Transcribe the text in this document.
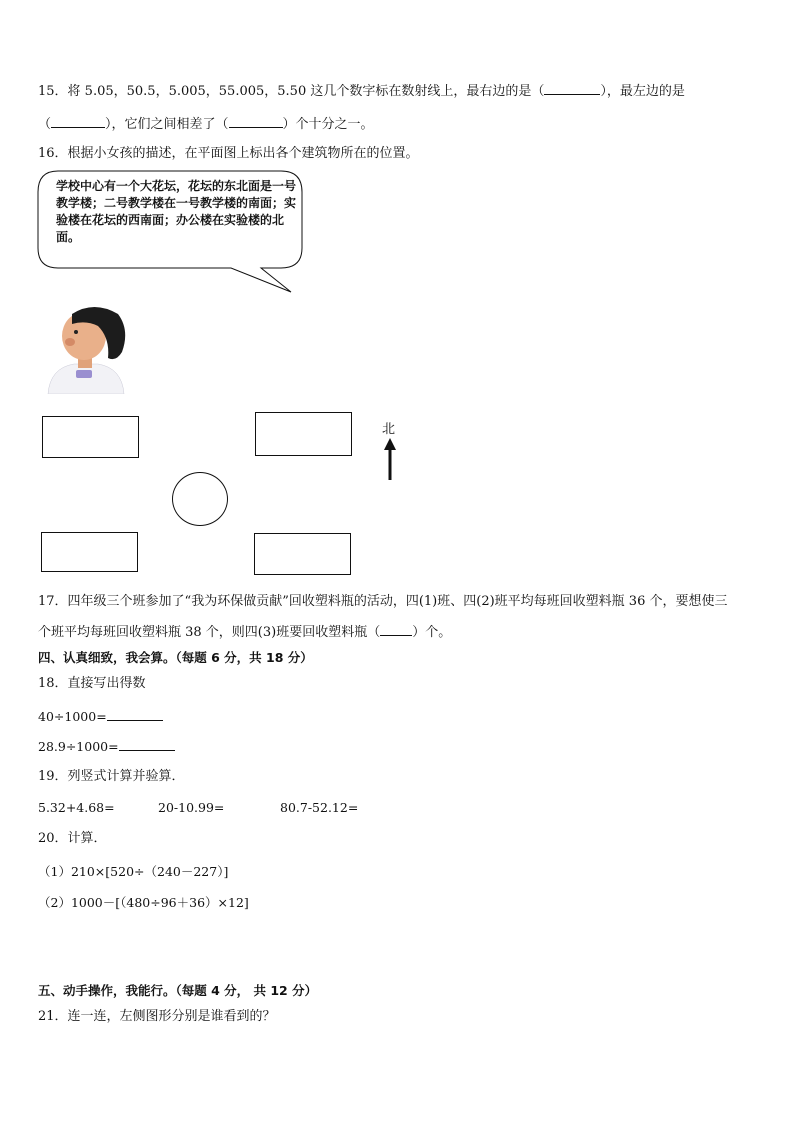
15．将 5.05，50.5，5.005，55.005，5.50 这几个数字标在数射线上，最右边的是（	），最左边的是
（	），它们之间相差了（	）个十分之一。
16．根据小女孩的描述，在平面图上标出各个建筑物所在的位置。
学校中心有一个大花坛，花坛的东北面是一号教学楼；二号教学楼在一号教学楼的南面；实验楼在花坛的西南面；办公楼在实验楼的北面。
北
17．四年级三个班参加了“我为环保做贡献”回收塑料瓶的活动，四(1)班、四(2)班平均每班回收塑料瓶 36 个，要想使三
个班平均每班回收塑料瓶 38 个，则四(3)班要回收塑料瓶（ ）个。
四、认真细致，我会算。（每题 6 分，共 18 分）
18．直接写出得数
40÷1000=
28.9÷1000=
19．列竖式计算并验算．
5.32+4.68=	20-10.99=	80.7-52.12=
20．计算．
（1）210×[520÷（240－227）]
（2）1000－[（480÷96＋36）×12]
五、动手操作，我能行。（每题 4 分， 共 12 分）
21．连一连，左侧图形分别是谁看到的？
